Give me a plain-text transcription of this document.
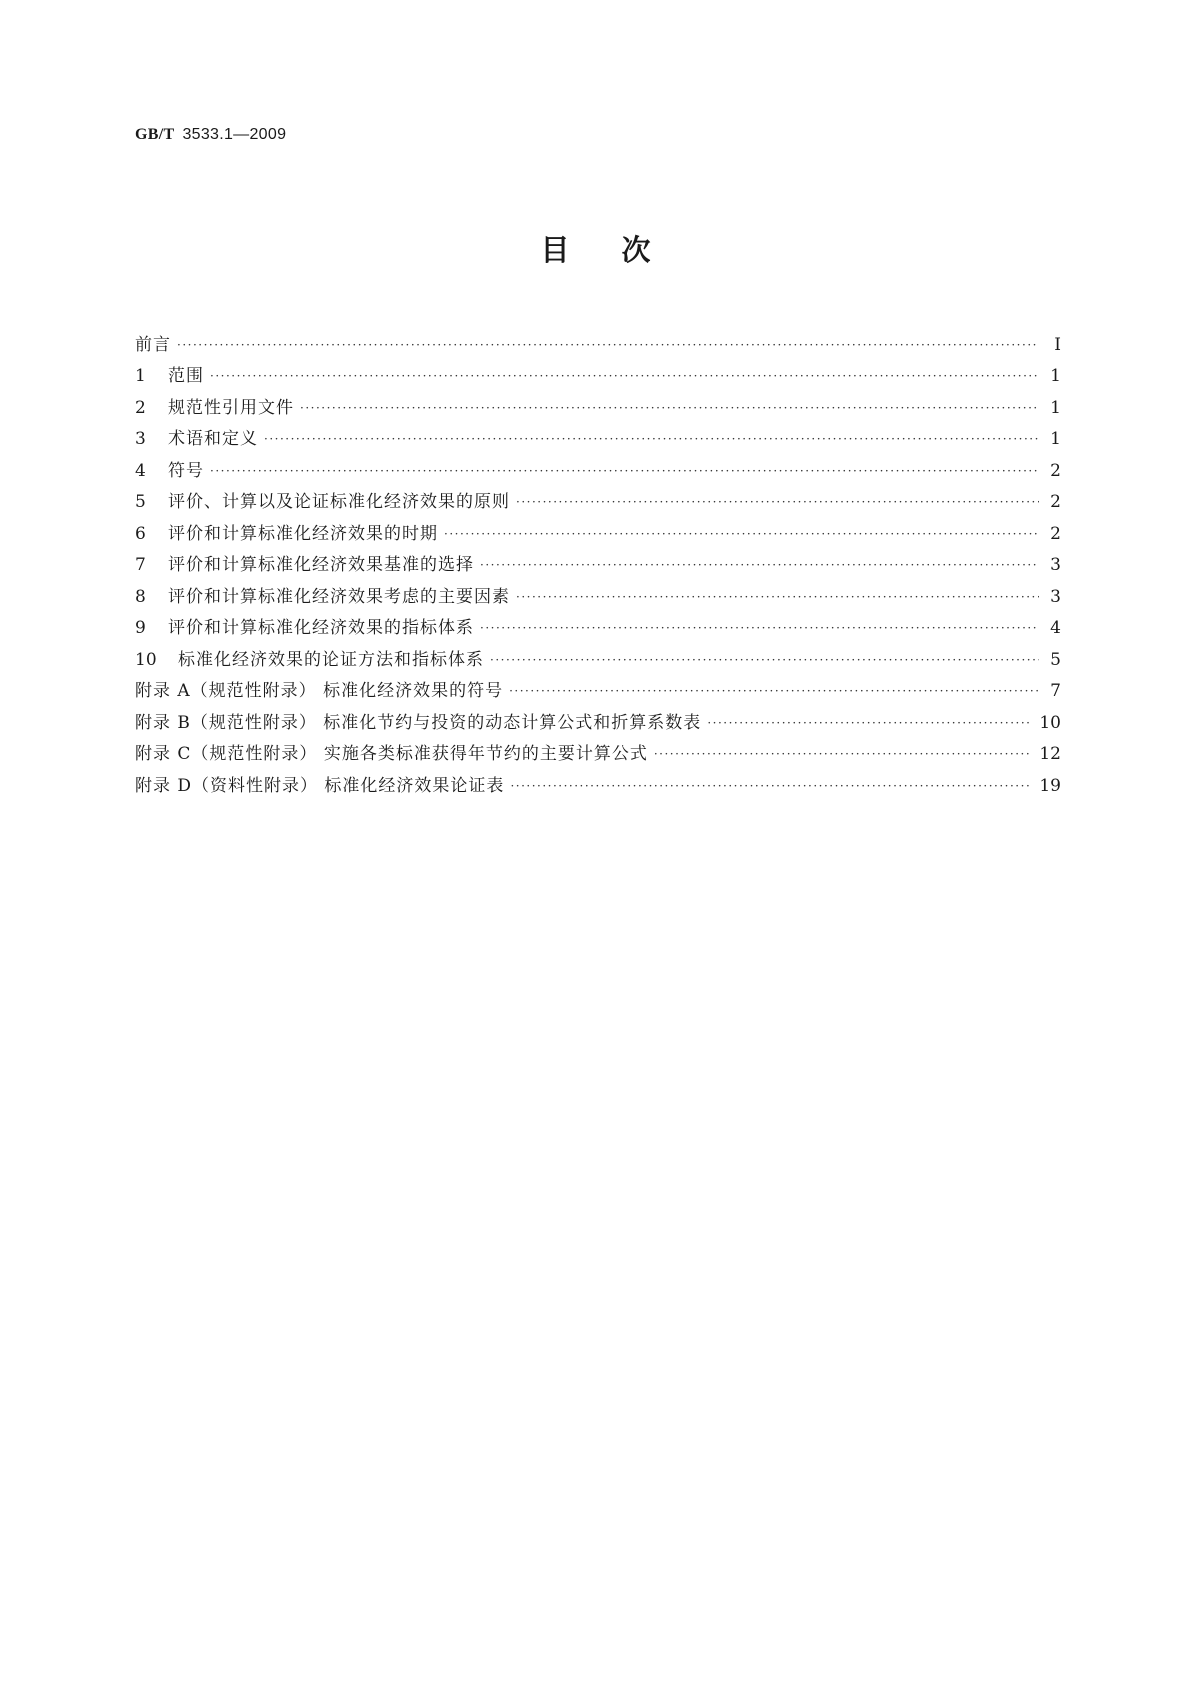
GB/T 3533.1—2009
目次
前言 ·····	Ⅰ
1	范围 ·····	1
2	规范性引用文件 ·····	1
3	术语和定义 ·····	1
4	符号 ·····	2
5	评价、计算以及论证标准化经济效果的原则 ·····	2
6	评价和计算标准化经济效果的时期 ·····	2
7	评价和计算标准化经济效果基准的选择 ·····	3
8	评价和计算标准化经济效果考虑的主要因素 ·····	3
9	评价和计算标准化经济效果的指标体系 ·····	4
10	标准化经济效果的论证方法和指标体系 ·····	5
附录 A（规范性附录） 标准化经济效果的符号 ·····	7
附录 B（规范性附录） 标准化节约与投资的动态计算公式和折算系数表 ·····	10
附录 C（规范性附录） 实施各类标准获得年节约的主要计算公式 ·····	12
附录 D（资料性附录） 标准化经济效果论证表 ·····	19
